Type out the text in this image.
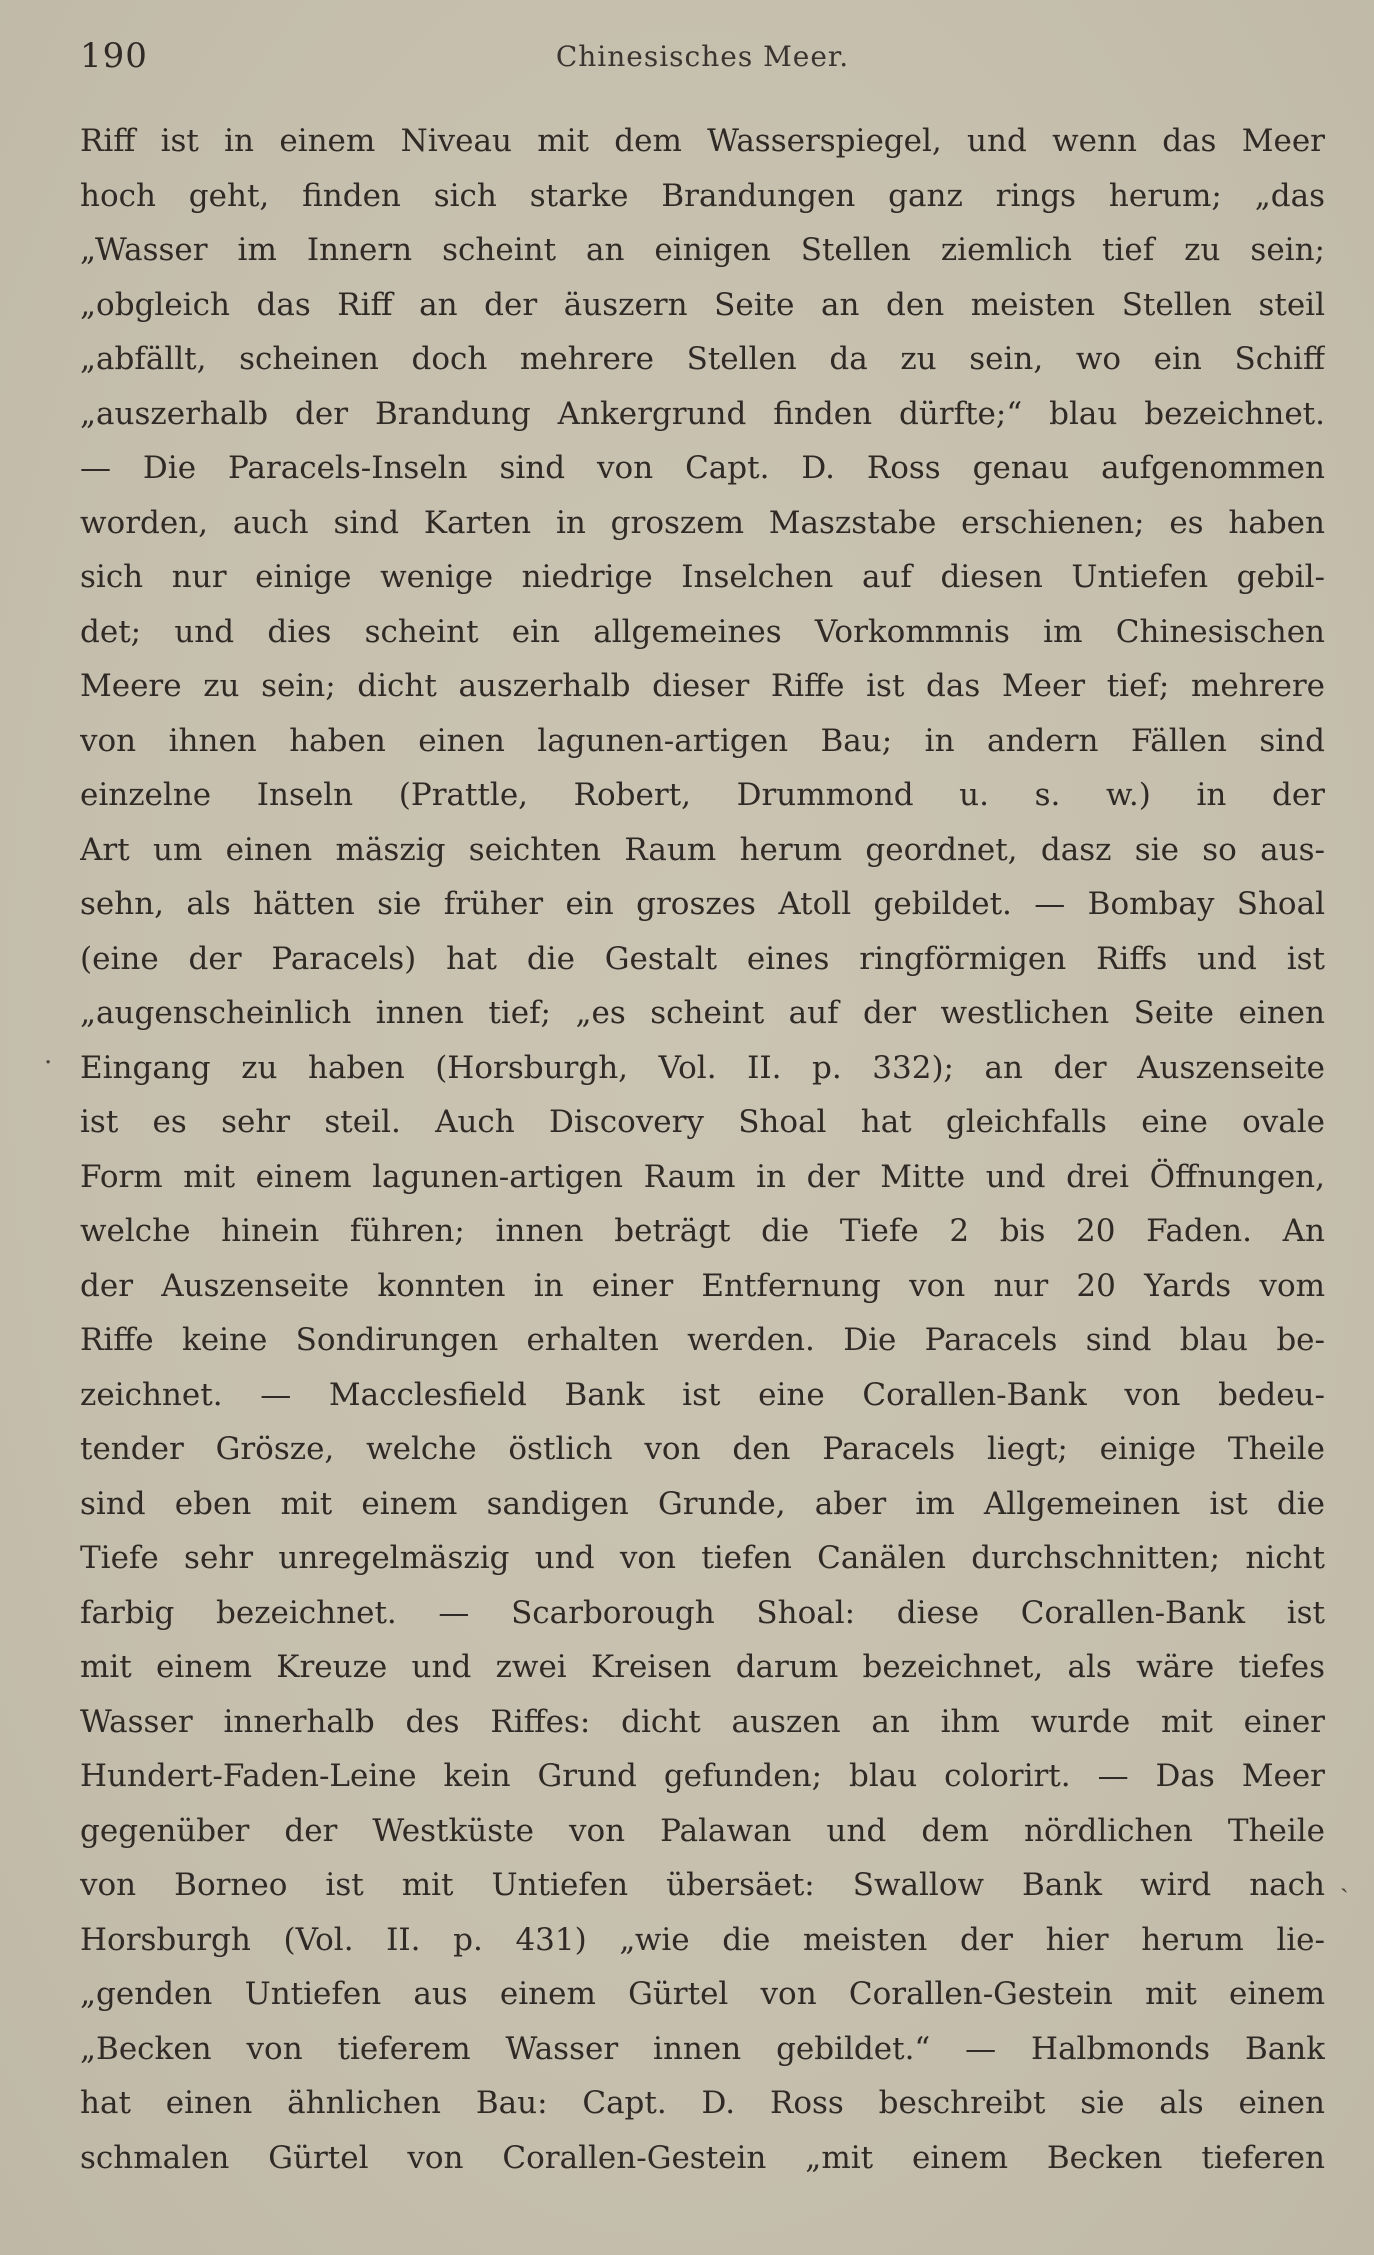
190	Chinesisches Meer.
Riff ist in einem Niveau mit dem Wasserspiegel, und wenn das Meer
hoch geht, finden sich starke Brandungen ganz rings herum; „das
„Wasser im Innern scheint an einigen Stellen ziemlich tief zu sein;
„obgleich das Riff an der äuszern Seite an den meisten Stellen steil
„abfällt, scheinen doch mehrere Stellen da zu sein, wo ein Schiff
„auszerhalb der Brandung Ankergrund finden dürfte;“ blau bezeichnet.
— Die Paracels-Inseln sind von Capt. D. Ross genau aufgenommen
worden, auch sind Karten in groszem Maszstabe erschienen; es haben
sich nur einige wenige niedrige Inselchen auf diesen Untiefen gebil-
det; und dies scheint ein allgemeines Vorkommnis im Chinesischen
Meere zu sein; dicht auszerhalb dieser Riffe ist das Meer tief; mehrere
von ihnen haben einen lagunen-artigen Bau; in andern Fällen sind
einzelne Inseln (Prattle, Robert, Drummond u. s. w.) in der
Art um einen mäszig seichten Raum herum geordnet, dasz sie so aus-
sehn, als hätten sie früher ein groszes Atoll gebildet. — Bombay Shoal
(eine der Paracels) hat die Gestalt eines ringförmigen Riffs und ist
„augenscheinlich innen tief; „es scheint auf der westlichen Seite einen
Eingang zu haben (Horsburgh, Vol. II. p. 332); an der Auszenseite
ist es sehr steil. Auch Discovery Shoal hat gleichfalls eine ovale
Form mit einem lagunen-artigen Raum in der Mitte und drei Öffnungen,
welche hinein führen; innen beträgt die Tiefe 2 bis 20 Faden. An
der Auszenseite konnten in einer Entfernung von nur 20 Yards vom
Riffe keine Sondirungen erhalten werden. Die Paracels sind blau be-
zeichnet. — Macclesfield Bank ist eine Corallen-Bank von bedeu-
tender Grösze, welche östlich von den Paracels liegt; einige Theile
sind eben mit einem sandigen Grunde, aber im Allgemeinen ist die
Tiefe sehr unregelmäszig und von tiefen Canälen durchschnitten; nicht
farbig bezeichnet. — Scarborough Shoal: diese Corallen-Bank ist
mit einem Kreuze und zwei Kreisen darum bezeichnet, als wäre tiefes
Wasser innerhalb des Riffes: dicht auszen an ihm wurde mit einer
Hundert-Faden-Leine kein Grund gefunden; blau colorirt. — Das Meer
gegenüber der Westküste von Palawan und dem nördlichen Theile
von Borneo ist mit Untiefen übersäet: Swallow Bank wird nach
Horsburgh (Vol. II. p. 431) „wie die meisten der hier herum lie-
„genden Untiefen aus einem Gürtel von Corallen-Gestein mit einem
„Becken von tieferem Wasser innen gebildet.“ — Halbmonds Bank
hat einen ähnlichen Bau: Capt. D. Ross beschreibt sie als einen
schmalen Gürtel von Corallen-Gestein „mit einem Becken tieferen
·
ˏ
